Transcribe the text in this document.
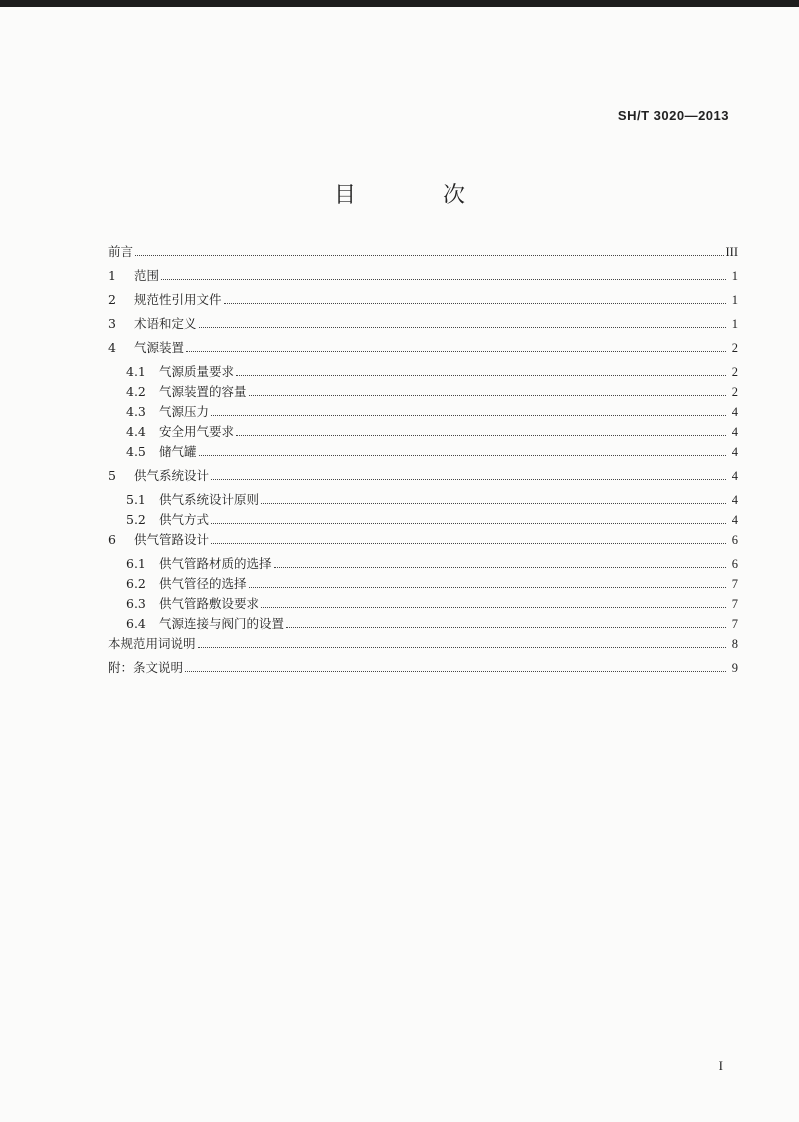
SH/T 3020—2013
目 次
前言	III
1	范围	1
2	规范性引用文件	1
3	术语和定义	1
4	气源装置	2
4.1	气源质量要求	2
4.2	气源装置的容量	2
4.3	气源压力	4
4.4	安全用气要求	4
4.5	储气罐	4
5	供气系统设计	4
5.1	供气系统设计原则	4
5.2	供气方式	4
6	供气管路设计	6
6.1	供气管路材质的选择	6
6.2	供气管径的选择	7
6.3	供气管路敷设要求	7
6.4	气源连接与阀门的设置	7
本规范用词说明	8
附：条文说明	9
I
